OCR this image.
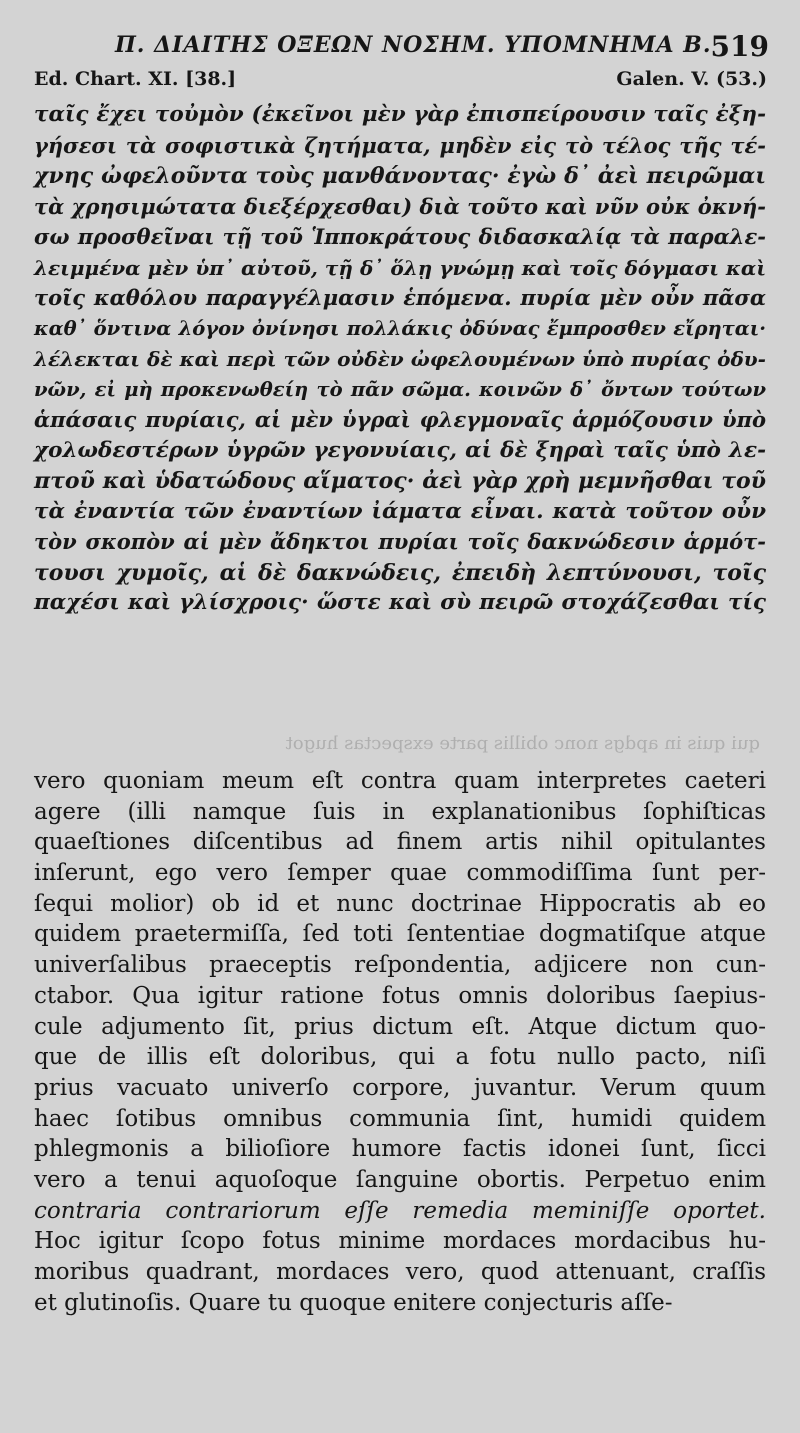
Π. ΔΙΑΙΤΗΣ ΟΞΕΩΝ ΝΟΣΗΜ. ΥΠΟΜΝΗΜΑ Β. 519
Ed. Chart. XI. [38.]	Galen. V. (53.)
ταῖς ἔχει τοὐμὸν (ἐκεῖνοι μὲν γὰρ ἐπισπείρουσιν ταῖς ἐξη-
γήσεσι τὰ σοφιστικὰ ζητήματα, μηδὲν εἰς τὸ τέλος τῆς τέ-
χνης ὠφελοῦντα τοὺς μανθάνοντας· ἐγὼ δ᾽ ἀεὶ πειρῶμαι
τὰ χρησιμώτατα διεξέρχεσθαι) διὰ τοῦτο καὶ νῦν οὐκ ὀκνή-
σω προσθεῖναι τῇ τοῦ Ἱπποκράτους διδασκαλίᾳ τὰ παραλε-
λειμμένα μὲν ὑπ᾽ αὐτοῦ, τῇ δ᾽ ὅλῃ γνώμῃ καὶ τοῖς δόγμασι καὶ
τοῖς καθόλου παραγγέλμασιν ἑπόμενα. πυρία μὲν οὖν πᾶσα
καθ᾽ ὅντινα λόγον ὀνίνησι πολλάκις ὀδύνας ἔμπροσθεν εἴρηται·
λέλεκται δὲ καὶ περὶ τῶν οὐδὲν ὠφελουμένων ὑπὸ πυρίας ὀδυ-
νῶν, εἰ μὴ προκενωθείη τὸ πᾶν σῶμα. κοινῶν δ᾽ ὄντων τούτων
ἁπάσαις πυρίαις, αἱ μὲν ὑγραὶ φλεγμοναῖς ἁρμόζουσιν ὑπὸ
χολωδεστέρων ὑγρῶν γεγονυίαις, αἱ δὲ ξηραὶ ταῖς ὑπὸ λε-
πτοῦ καὶ ὑδατώδους αἵματος· ἀεὶ γὰρ χρὴ μεμνῆσθαι τοῦ
τὰ ἐναντία τῶν ἐναντίων ἰάματα εἶναι. κατὰ τοῦτον οὖν
τὸν σκοπὸν αἱ μὲν ἄδηκτοι πυρίαι τοῖς δακνώδεσιν ἁρμότ-
τουσι χυμοῖς, αἱ δὲ δακνώδεις, ἐπειδὴ λεπτύνουσι, τοῖς
παχέσι καὶ γλίσχροις· ὥστε καὶ σὺ πειρῶ στοχάζεσθαι τίς
qui quis in apdgs nonc obillis parte exspectas hugot
vero quoniam meum eſt contra quam interpretes caeteri
agere (illi namque ſuis in explanationibus ſophiſticas
quaeſtiones diſcentibus ad finem artis nihil opitulantes
inſerunt, ego vero ſemper quae commodiſſima ſunt per-
ſequi molior) ob id et nunc doctrinae Hippocratis ab eo
quidem praetermiſſa, ſed toti ſententiae dogmatiſque atque
univerſalibus praeceptis reſpondentia, adjicere non cun-
ctabor. Qua igitur ratione fotus omnis doloribus ſaepius-
cule adjumento ſit, prius dictum eſt. Atque dictum quo-
que de illis eſt doloribus, qui a fotu nullo pacto, niſi
prius vacuato univerſo corpore, juvantur. Verum quum
haec ſotibus omnibus communia ſint, humidi quidem
phlegmonis a bilioſiore humore factis idonei ſunt, ſicci
vero a tenui aquoſoque ſanguine obortis. Perpetuo enim
contraria contrariorum eſſe remedia meminiſſe oportet.
Hoc igitur ſcopo fotus minime mordaces mordacibus hu-
moribus quadrant, mordaces vero, quod attenuant, craſſis
et glutinoſis. Quare tu quoque enitere conjecturis aſſe-
